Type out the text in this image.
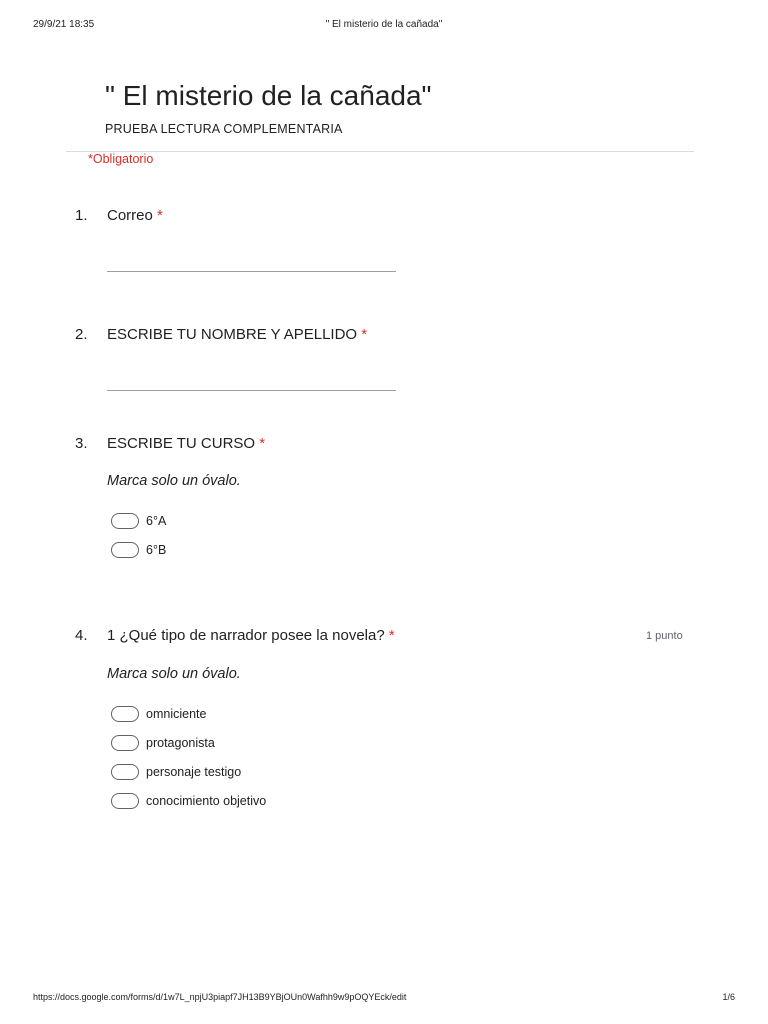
29/9/21 18:35	" El misterio de la cañada"
" El misterio de la cañada"
PRUEBA LECTURA COMPLEMENTARIA
*Obligatorio
1. Correo *
2. ESCRIBE TU NOMBRE Y APELLIDO *
3. ESCRIBE TU CURSO *
Marca solo un óvalo.
6°A
6°B
4. 1 ¿Qué tipo de narrador posee la novela? *	1 punto
Marca solo un óvalo.
omniciente
protagonista
personaje testigo
conocimiento objetivo
https://docs.google.com/forms/d/1w7L_npjU3piapf7JH13B9YBjOUn0Wafhh9w9pOQYEck/edit	1/6
